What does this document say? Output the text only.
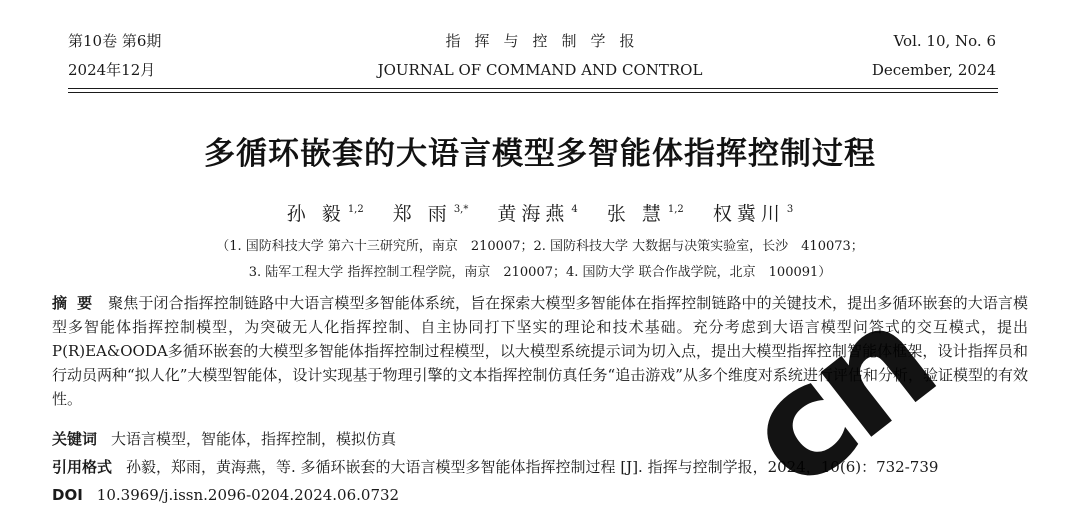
第10卷 第6期
2024年12月
指挥与控制学报
JOURNAL OF COMMAND AND CONTROL
Vol. 10, No. 6
December, 2024
多循环嵌套的大语言模型多智能体指挥控制过程
孙 毅 $^{1,2}$ 郑 雨 $^{3,*}$ 黄海燕 $^4$ 张 慧 $^{1,2}$ 权冀川 $^3$
（1. 国防科技大学 第六十三研究所，南京　210007；2. 国防科技大学 大数据与决策实验室，长沙　410073；
3. 陆军工程大学 指挥控制工程学院，南京　210007；4. 国防大学 联合作战学院，北京　100091）
摘要 聚焦于闭合指挥控制链路中大语言模型多智能体系统，旨在探索大模型多智能体在指挥控制链路中的关键技术，提出多循环嵌套的大语言模型多智能体指挥控制模型，为突破无人化指挥控制、自主协同打下坚实的理论和技术基础。充分考虑到大语言模型问答式的交互模式，提出P(R)EA&OODA多循环嵌套的大模型多智能体指挥控制过程模型，以大模型系统提示词为切入点，提出大模型指挥控制智能体框架，设计指挥员和行动员两种“拟人化”大模型智能体，设计实现基于物理引擎的文本指挥控制仿真任务“追击游戏”从多个维度对系统进行评估和分析，验证模型的有效性。
关键词 大语言模型，智能体，指挥控制，模拟仿真
引用格式 孙毅，郑雨，黄海燕，等. 多循环嵌套的大语言模型多智能体指挥控制过程 [J]. 指挥与控制学报，2024，10(6)：732-739
DOI 10.3969/j.issn.2096-0204.2024.06.0732	cn
